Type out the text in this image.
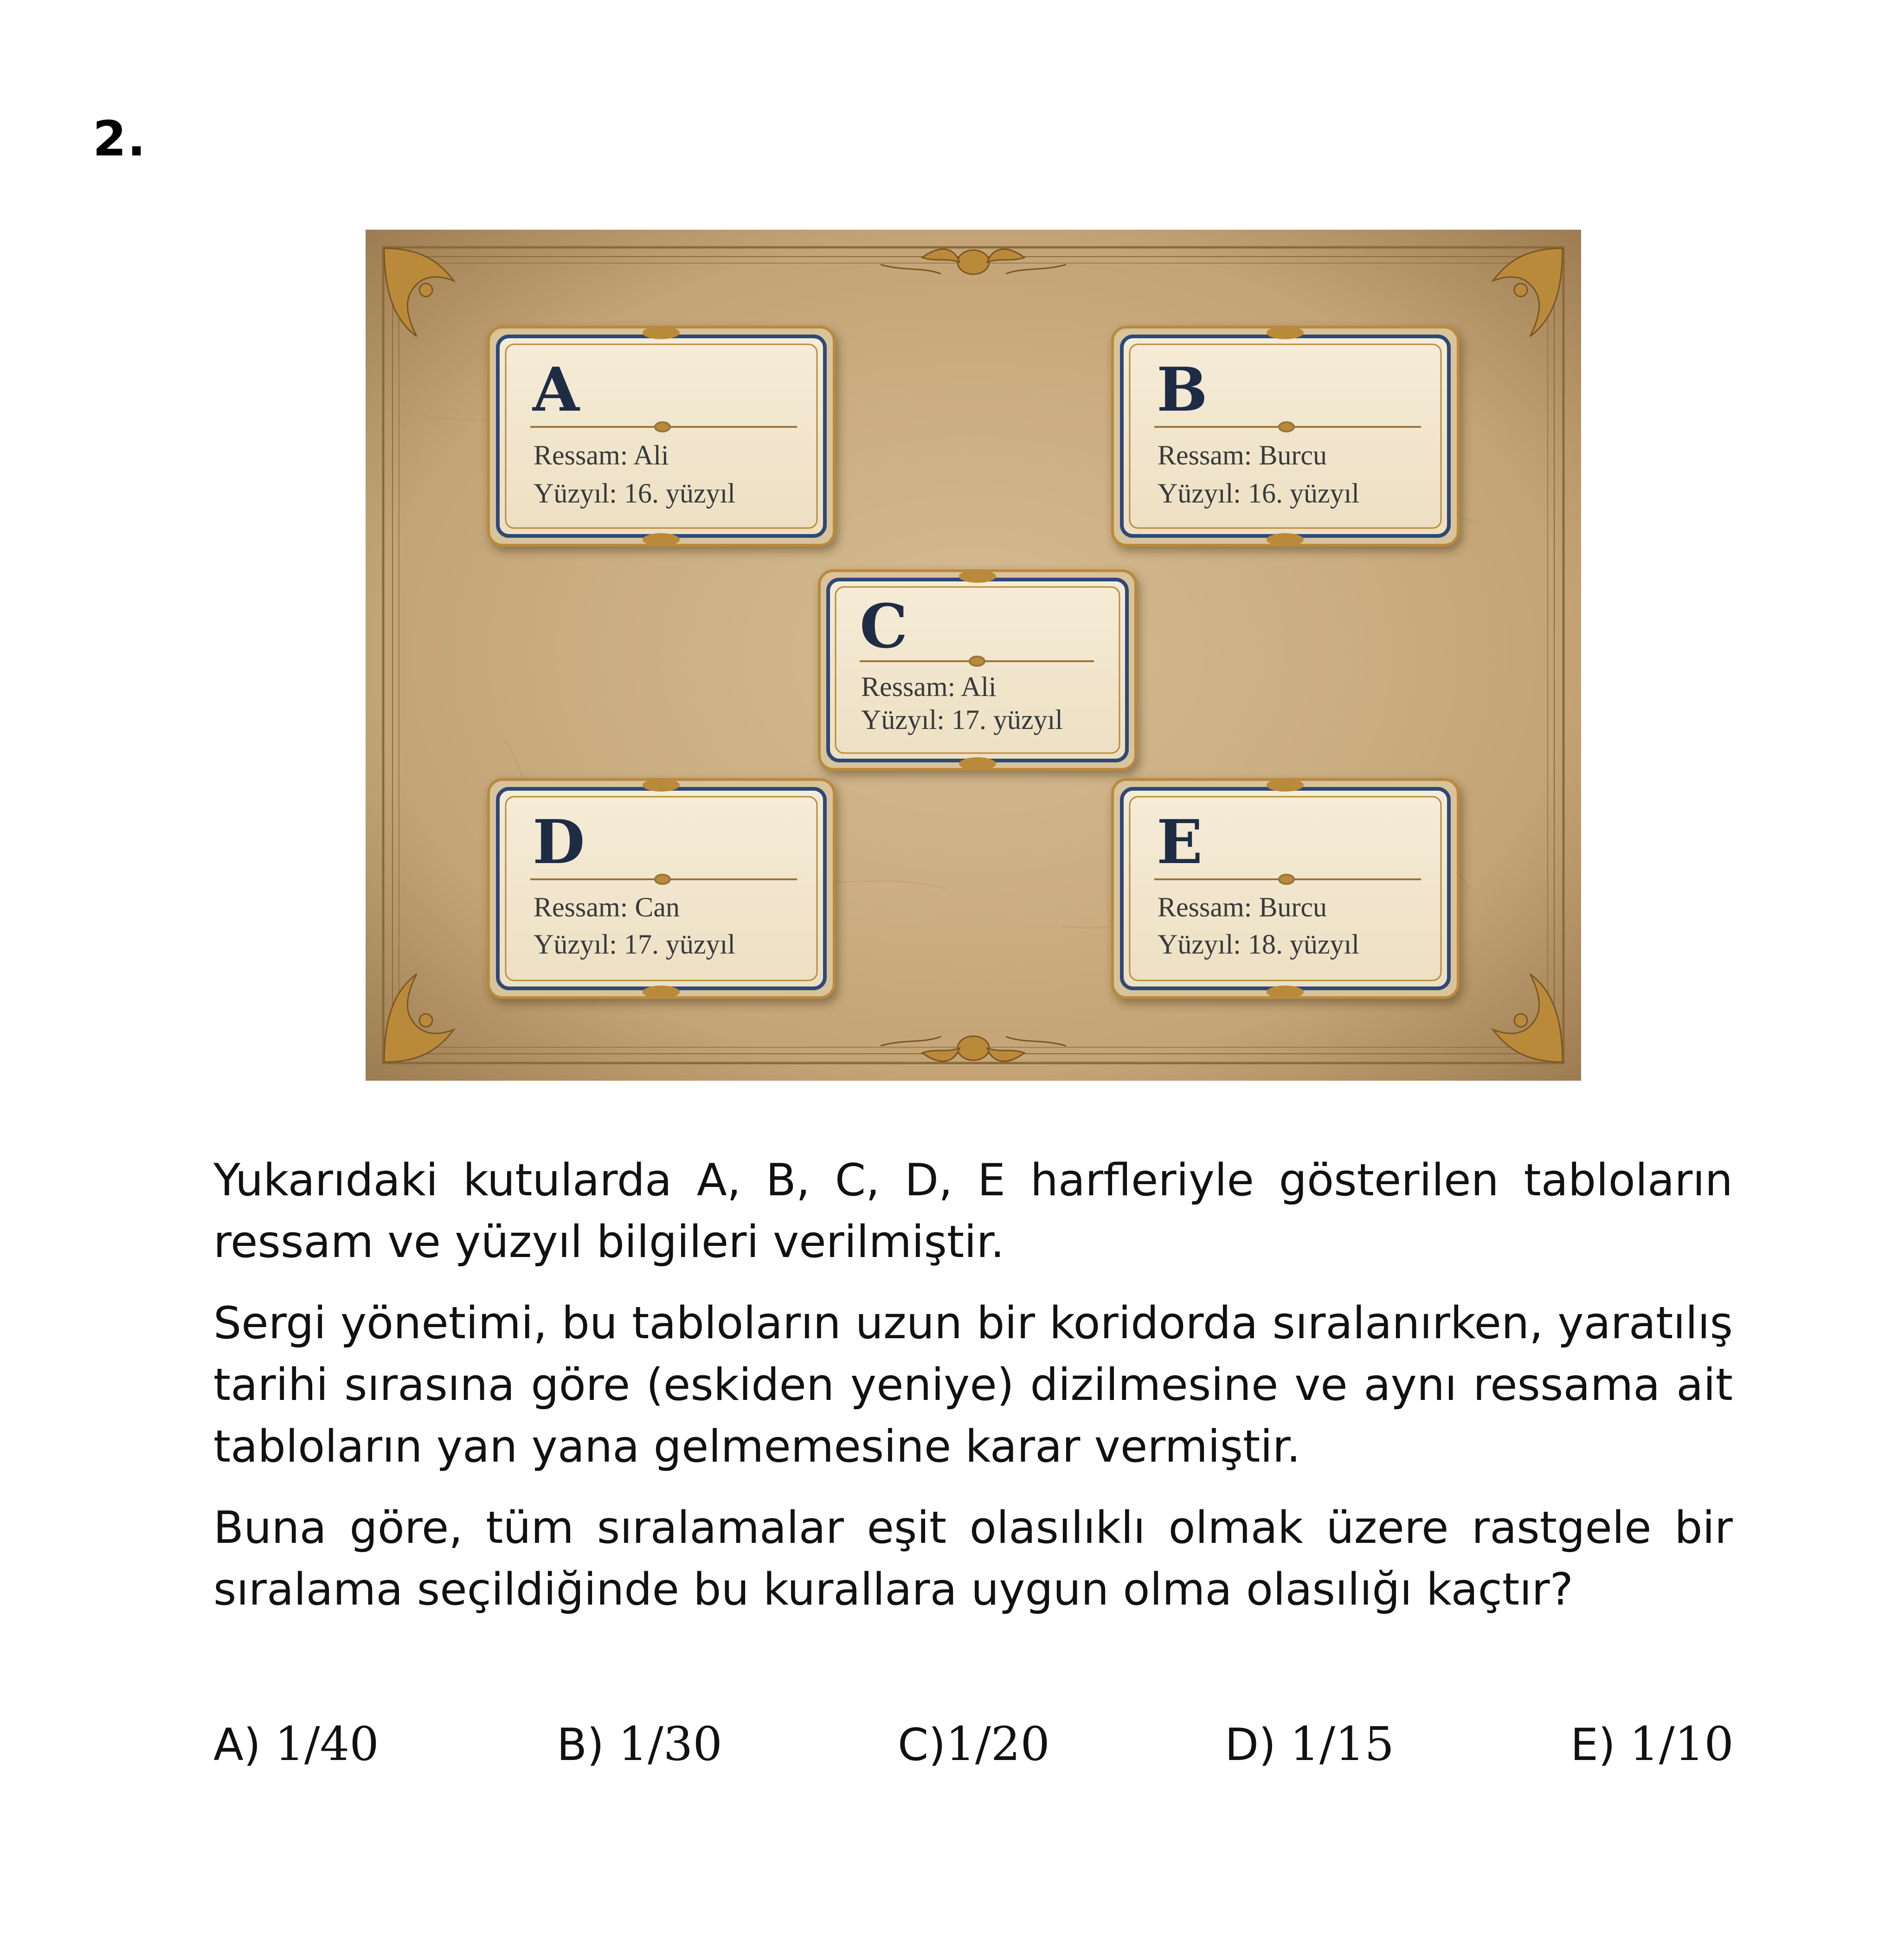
2.
A
Ressam: Ali
Yüzyıl: 16. yüzyıl
B
Ressam: Burcu
Yüzyıl: 16. yüzyıl
C
Ressam: Ali
Yüzyıl: 17. yüzyıl
D
Ressam: Can
Yüzyıl: 17. yüzyıl
E
Ressam: Burcu
Yüzyıl: 18. yüzyıl

Yukarıdaki kutularda A, B, C, D, E harfleriyle gösterilen tabloların ressam ve yüzyıl bilgileri verilmiştir.

Sergi yönetimi, bu tabloların uzun bir koridorda sıralanırken, yaratılış tarihi sırasına göre (eskiden yeniye) dizilmesine ve aynı ressama ait tabloların yan yana gelmemesine karar vermiştir.

Buna göre, tüm sıralamalar eşit olasılıklı olmak üzere rastgele bir sıralama seçildiğinde bu kurallara uygun olma olasılığı kaçtır?

A) 1/40	B) 1/30	C)1/20	D) 1/15	E) 1/10
